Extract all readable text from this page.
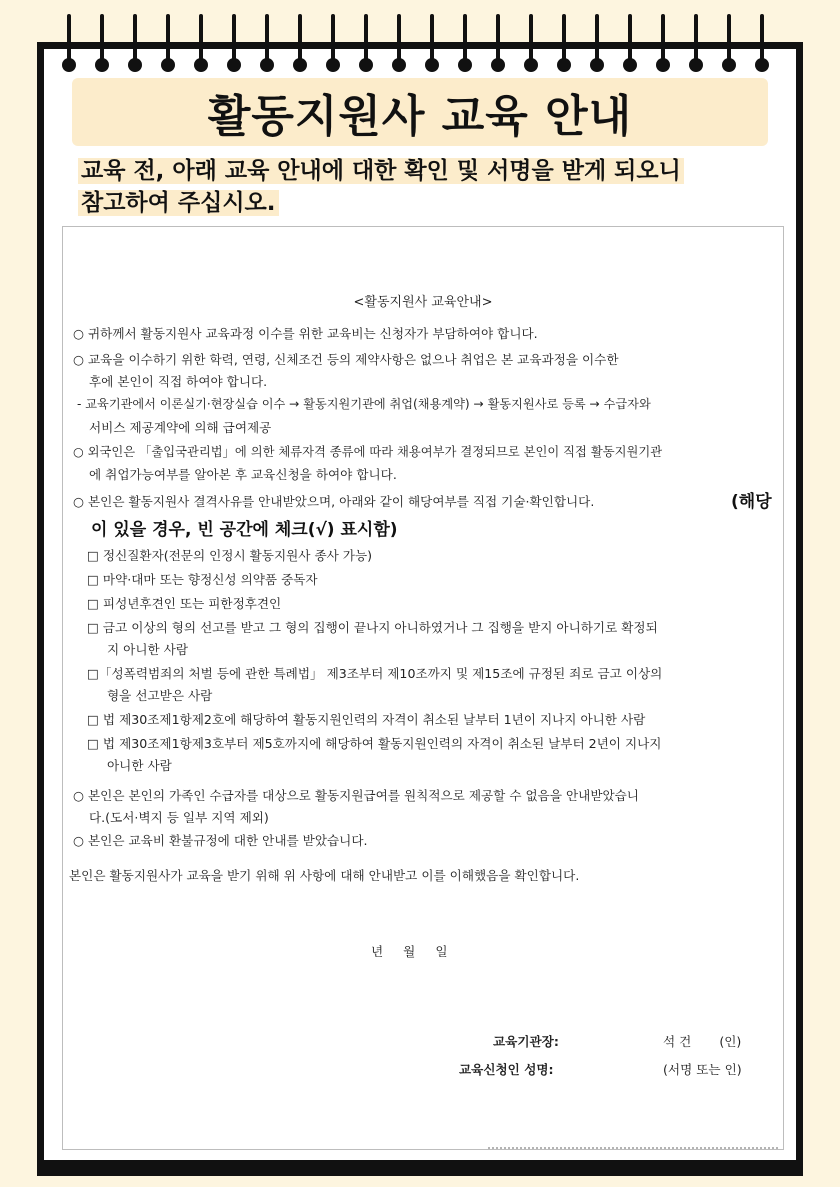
활동지원사 교육 안내
교육 전, 아래 교육 안내에 대한 확인 및 서명을 받게 되오니
참고하여 주십시오.
<활동지원사 교육안내>
○ 귀하께서 활동지원사 교육과정 이수를 위한 교육비는 신청자가 부담하여야 합니다.
○ 교육을 이수하기 위한 학력, 연령, 신체조건 등의 제약사항은 없으나 취업은 본 교육과정을 이수한
후에 본인이 직접 하여야 합니다.
- 교육기관에서 이론실기·현장실습 이수 → 활동지원기관에 취업(채용계약) → 활동지원사로 등록 → 수급자와
서비스 제공계약에 의해 급여제공
○ 외국인은 「출입국관리법」에 의한 체류자격 종류에 따라 채용여부가 결정되므로 본인이 직접 활동지원기관
에 취업가능여부를 알아본 후 교육신청을 하여야 합니다.
○ 본인은 활동지원사 결격사유를 안내받았으며, 아래와 같이 해당여부를 직접 기술·확인합니다.	(해당
이 있을 경우, 빈 공간에 체크(√) 표시함)
□ 정신질환자(전문의 인정시 활동지원사 종사 가능)
□ 마약·대마 또는 향정신성 의약품 중독자
□ 피성년후견인 또는 피한정후견인
□ 금고 이상의 형의 선고를 받고 그 형의 집행이 끝나지 아니하였거나 그 집행을 받지 아니하기로 확정되
지 아니한 사람
□「성폭력범죄의 처벌 등에 관한 특례법」 제3조부터 제10조까지 및 제15조에 규정된 죄로 금고 이상의
형을 선고받은 사람
□ 법 제30조제1항제2호에 해당하여 활동지원인력의 자격이 취소된 날부터 1년이 지나지 아니한 사람
□ 법 제30조제1항제3호부터 제5호까지에 해당하여 활동지원인력의 자격이 취소된 날부터 2년이 지나지
아니한 사람
○ 본인은 본인의 가족인 수급자를 대상으로 활동지원급여를 원칙적으로 제공할 수 없음을 안내받았습니
다.(도서·벽지 등 일부 지역 제외)
○ 본인은 교육비 환불규정에 대한 안내를 받았습니다.
본인은 활동지원사가 교육을 받기 위해 위 사항에 대해 안내받고 이를 이해했음을 확인합니다.
년     월     일
교육기관장:	석 건       (인)
교육신청인 성명:	(서명 또는 인)
